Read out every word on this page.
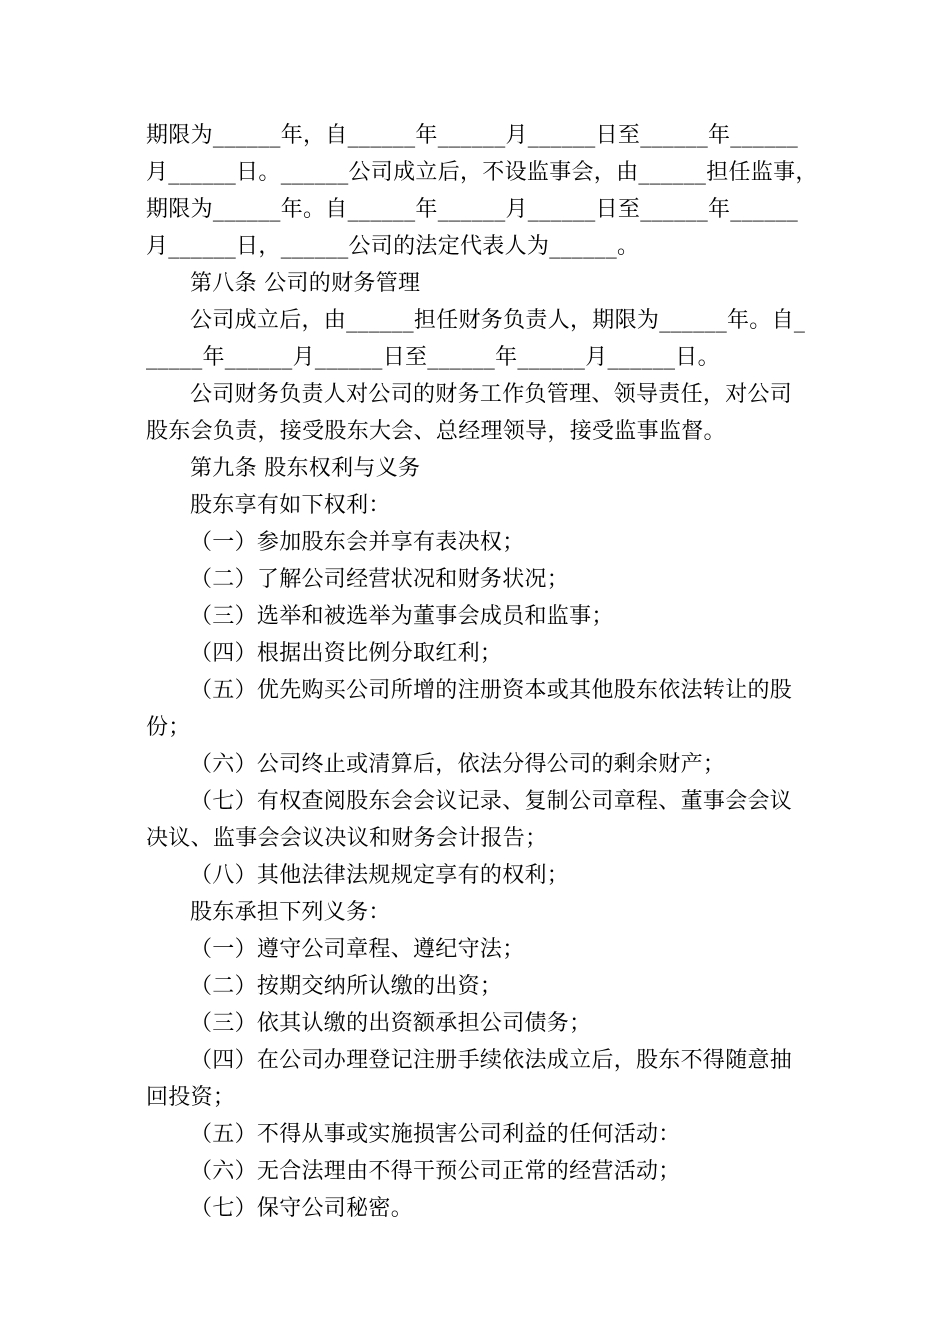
期限为______年，自______年______月______日至______年______
月______日。______公司成立后，不设监事会，由______担任监事，
期限为______年。自______年______月______日至______年______
月______日，______公司的法定代表人为______。
第八条 公司的财务管理
公司成立后，由______担任财务负责人，期限为______年。自_
_____年______月______日至______年______月______日。
公司财务负责人对公司的财务工作负管理、领导责任，对公司
股东会负责，接受股东大会、总经理领导，接受监事监督。
第九条 股东权利与义务
股东享有如下权利：
（一）参加股东会并享有表决权；
（二）了解公司经营状况和财务状况；
（三）选举和被选举为董事会成员和监事；
（四）根据出资比例分取红利；
（五）优先购买公司所增的注册资本或其他股东依法转让的股
份；
（六）公司终止或清算后，依法分得公司的剩余财产；
（七）有权查阅股东会会议记录、复制公司章程、董事会会议
决议、监事会会议决议和财务会计报告；
（八）其他法律法规规定享有的权利；
股东承担下列义务：
（一）遵守公司章程、遵纪守法；
（二）按期交纳所认缴的出资；
（三）依其认缴的出资额承担公司债务；
（四）在公司办理登记注册手续依法成立后，股东不得随意抽
回投资；
（五）不得从事或实施损害公司利益的任何活动：
（六）无合法理由不得干预公司正常的经营活动；
（七）保守公司秘密。
